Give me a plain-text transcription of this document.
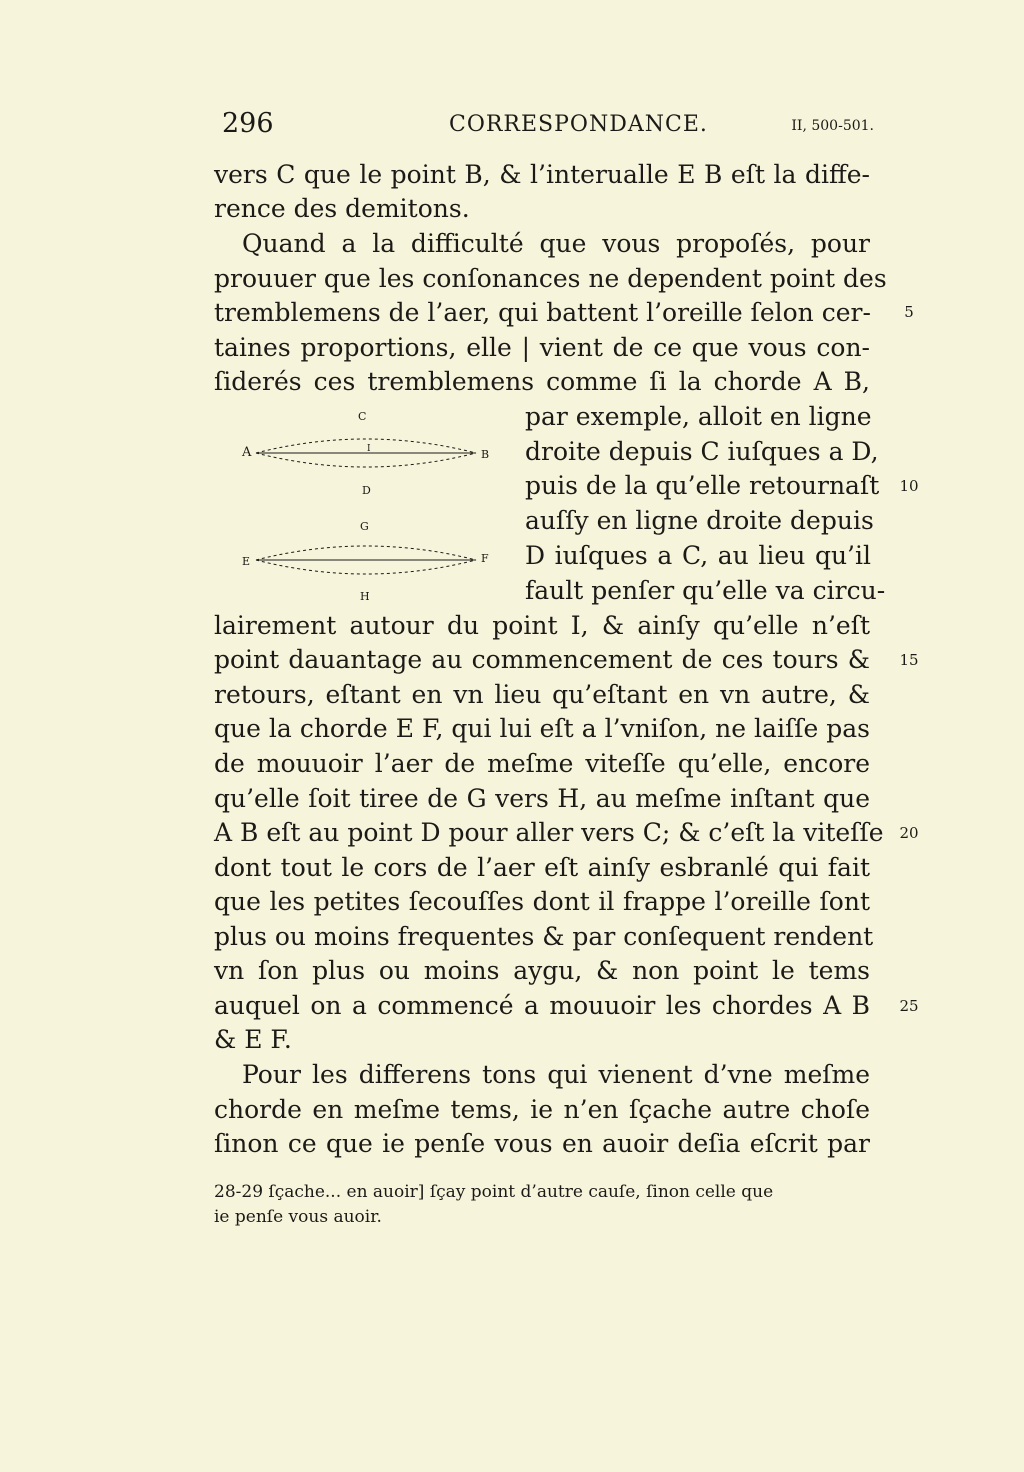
296	CORRESPONDANCE.	II, 500-501.
vers C que le point B, & l’interualle E B eſt la diffe-
rence des demitons.
Quand a la difficulté que vous propoſés, pour
prouuer que les conſonances ne dependent point des
tremblemens de l’aer, qui battent l’oreille ſelon cer-
taines proportions, elle | vient de ce que vous con-
ſiderés ces tremblemens comme ſi la chorde A B,
par exemple, alloit en ligne
droite depuis C iuſques a D,
puis de la qu’elle retournaſt
auſſy en ligne droite depuis
D iuſques a C, au lieu qu’il
fault penſer qu’elle va circu-
lairement autour du point I, & ainſy qu’elle n’eſt
point dauantage au commencement de ces tours &
retours, eſtant en vn lieu qu’eſtant en vn autre, &
que la chorde E F, qui lui eſt a l’vniſon, ne laiſſe pas
de mouuoir l’aer de meſme viteſſe qu’elle, encore
qu’elle ſoit tiree de G vers H, au meſme inſtant que
A B eſt au point D pour aller vers C; & c’eſt la viteſſe
dont tout le cors de l’aer eſt ainſy esbranlé qui fait
que les petites ſecouſſes dont il frappe l’oreille ſont
plus ou moins frequentes & par conſequent rendent
vn ſon plus ou moins aygu, & non point le tems
auquel on a commencé a mouuoir les chordes A B
& E F.
Pour les differens tons qui vienent d’vne meſme
chorde en meſme tems, ie n’en ſçache autre choſe
ſinon ce que ie penſe vous en auoir deſia eſcrit par
5
10
15
20
25
C
A	I	B
D
G
E	F
H
28-29 ſçache... en auoir] ſçay point d’autre cauſe, ſinon celle que
ie penſe vous auoir.
